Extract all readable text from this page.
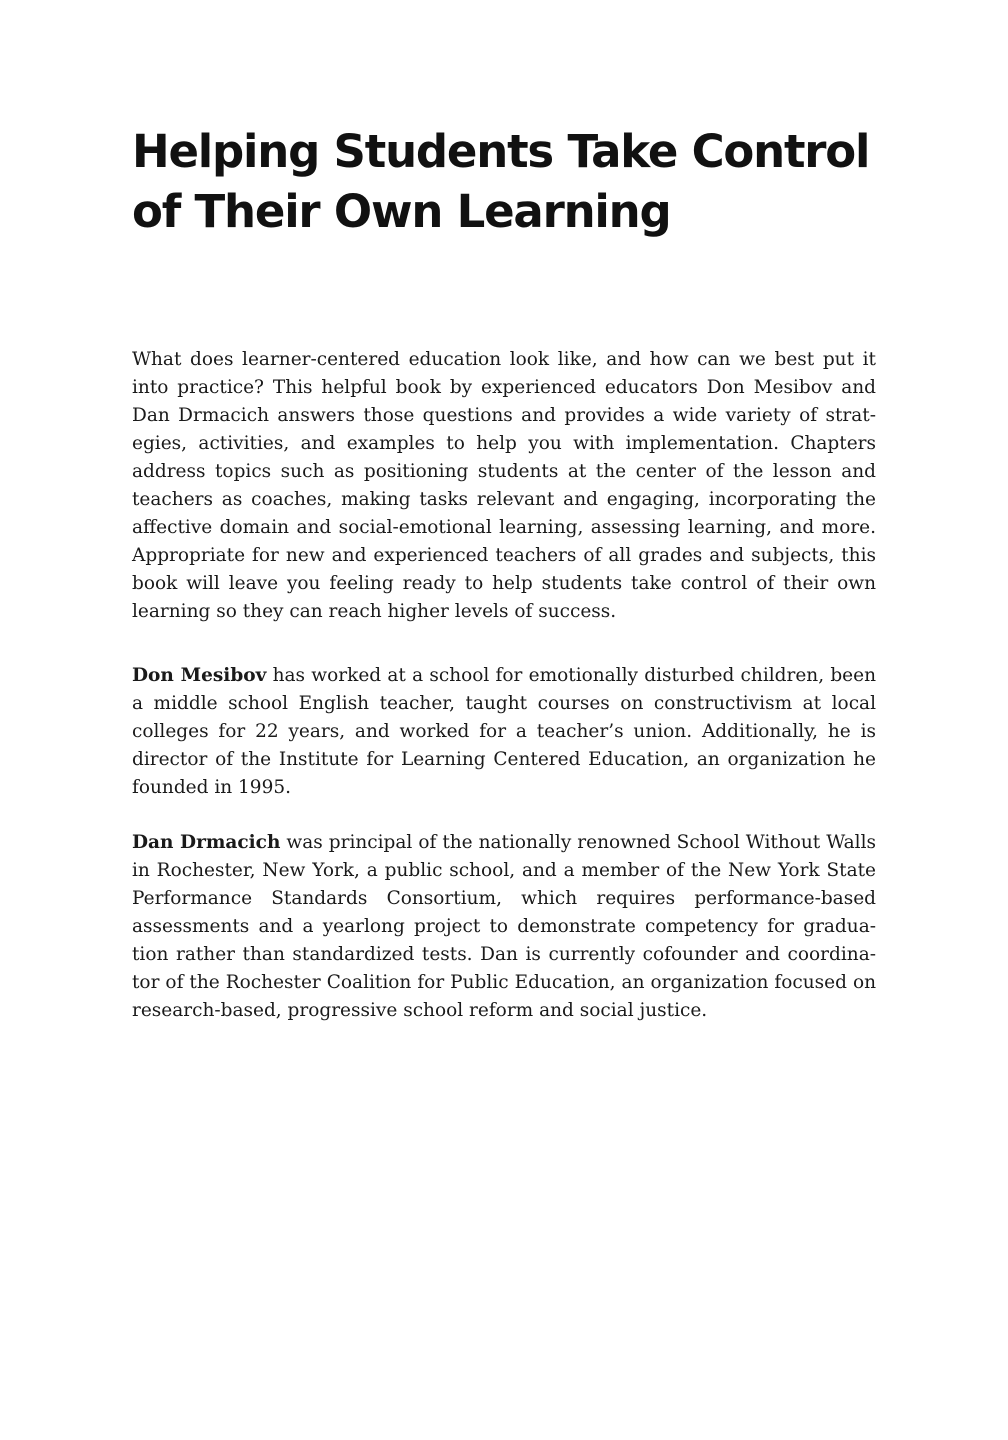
Helping Students Take Control of Their Own Learning

What does learner-centered education look like, and how can we best put it into practice? This helpful book by experienced educators Don Mesibov and Dan Drmacich answers those questions and provides a wide variety of strategies, activities, and examples to help you with implementation. Chapters address topics such as positioning students at the center of the lesson and teachers as coaches, making tasks relevant and engaging, incorporating the affective domain and social-emotional learning, assessing learning, and more. Appropriate for new and experienced teachers of all grades and subjects, this book will leave you feeling ready to help students take control of their own learning so they can reach higher levels of success.

Don Mesibov has worked at a school for emotionally disturbed children, been a middle school English teacher, taught courses on constructivism at local colleges for 22 years, and worked for a teacher’s union. Additionally, he is director of the Institute for Learning Centered Education, an organization he founded in 1995.

Dan Drmacich was principal of the nationally renowned School Without Walls in Rochester, New York, a public school, and a member of the New York State Performance Standards Consortium, which requires performance-based assessments and a yearlong project to demonstrate competency for graduation rather than standardized tests. Dan is currently cofounder and coordinator of the Rochester Coalition for Public Education, an organization focused on research-based, progressive school reform and social justice.
